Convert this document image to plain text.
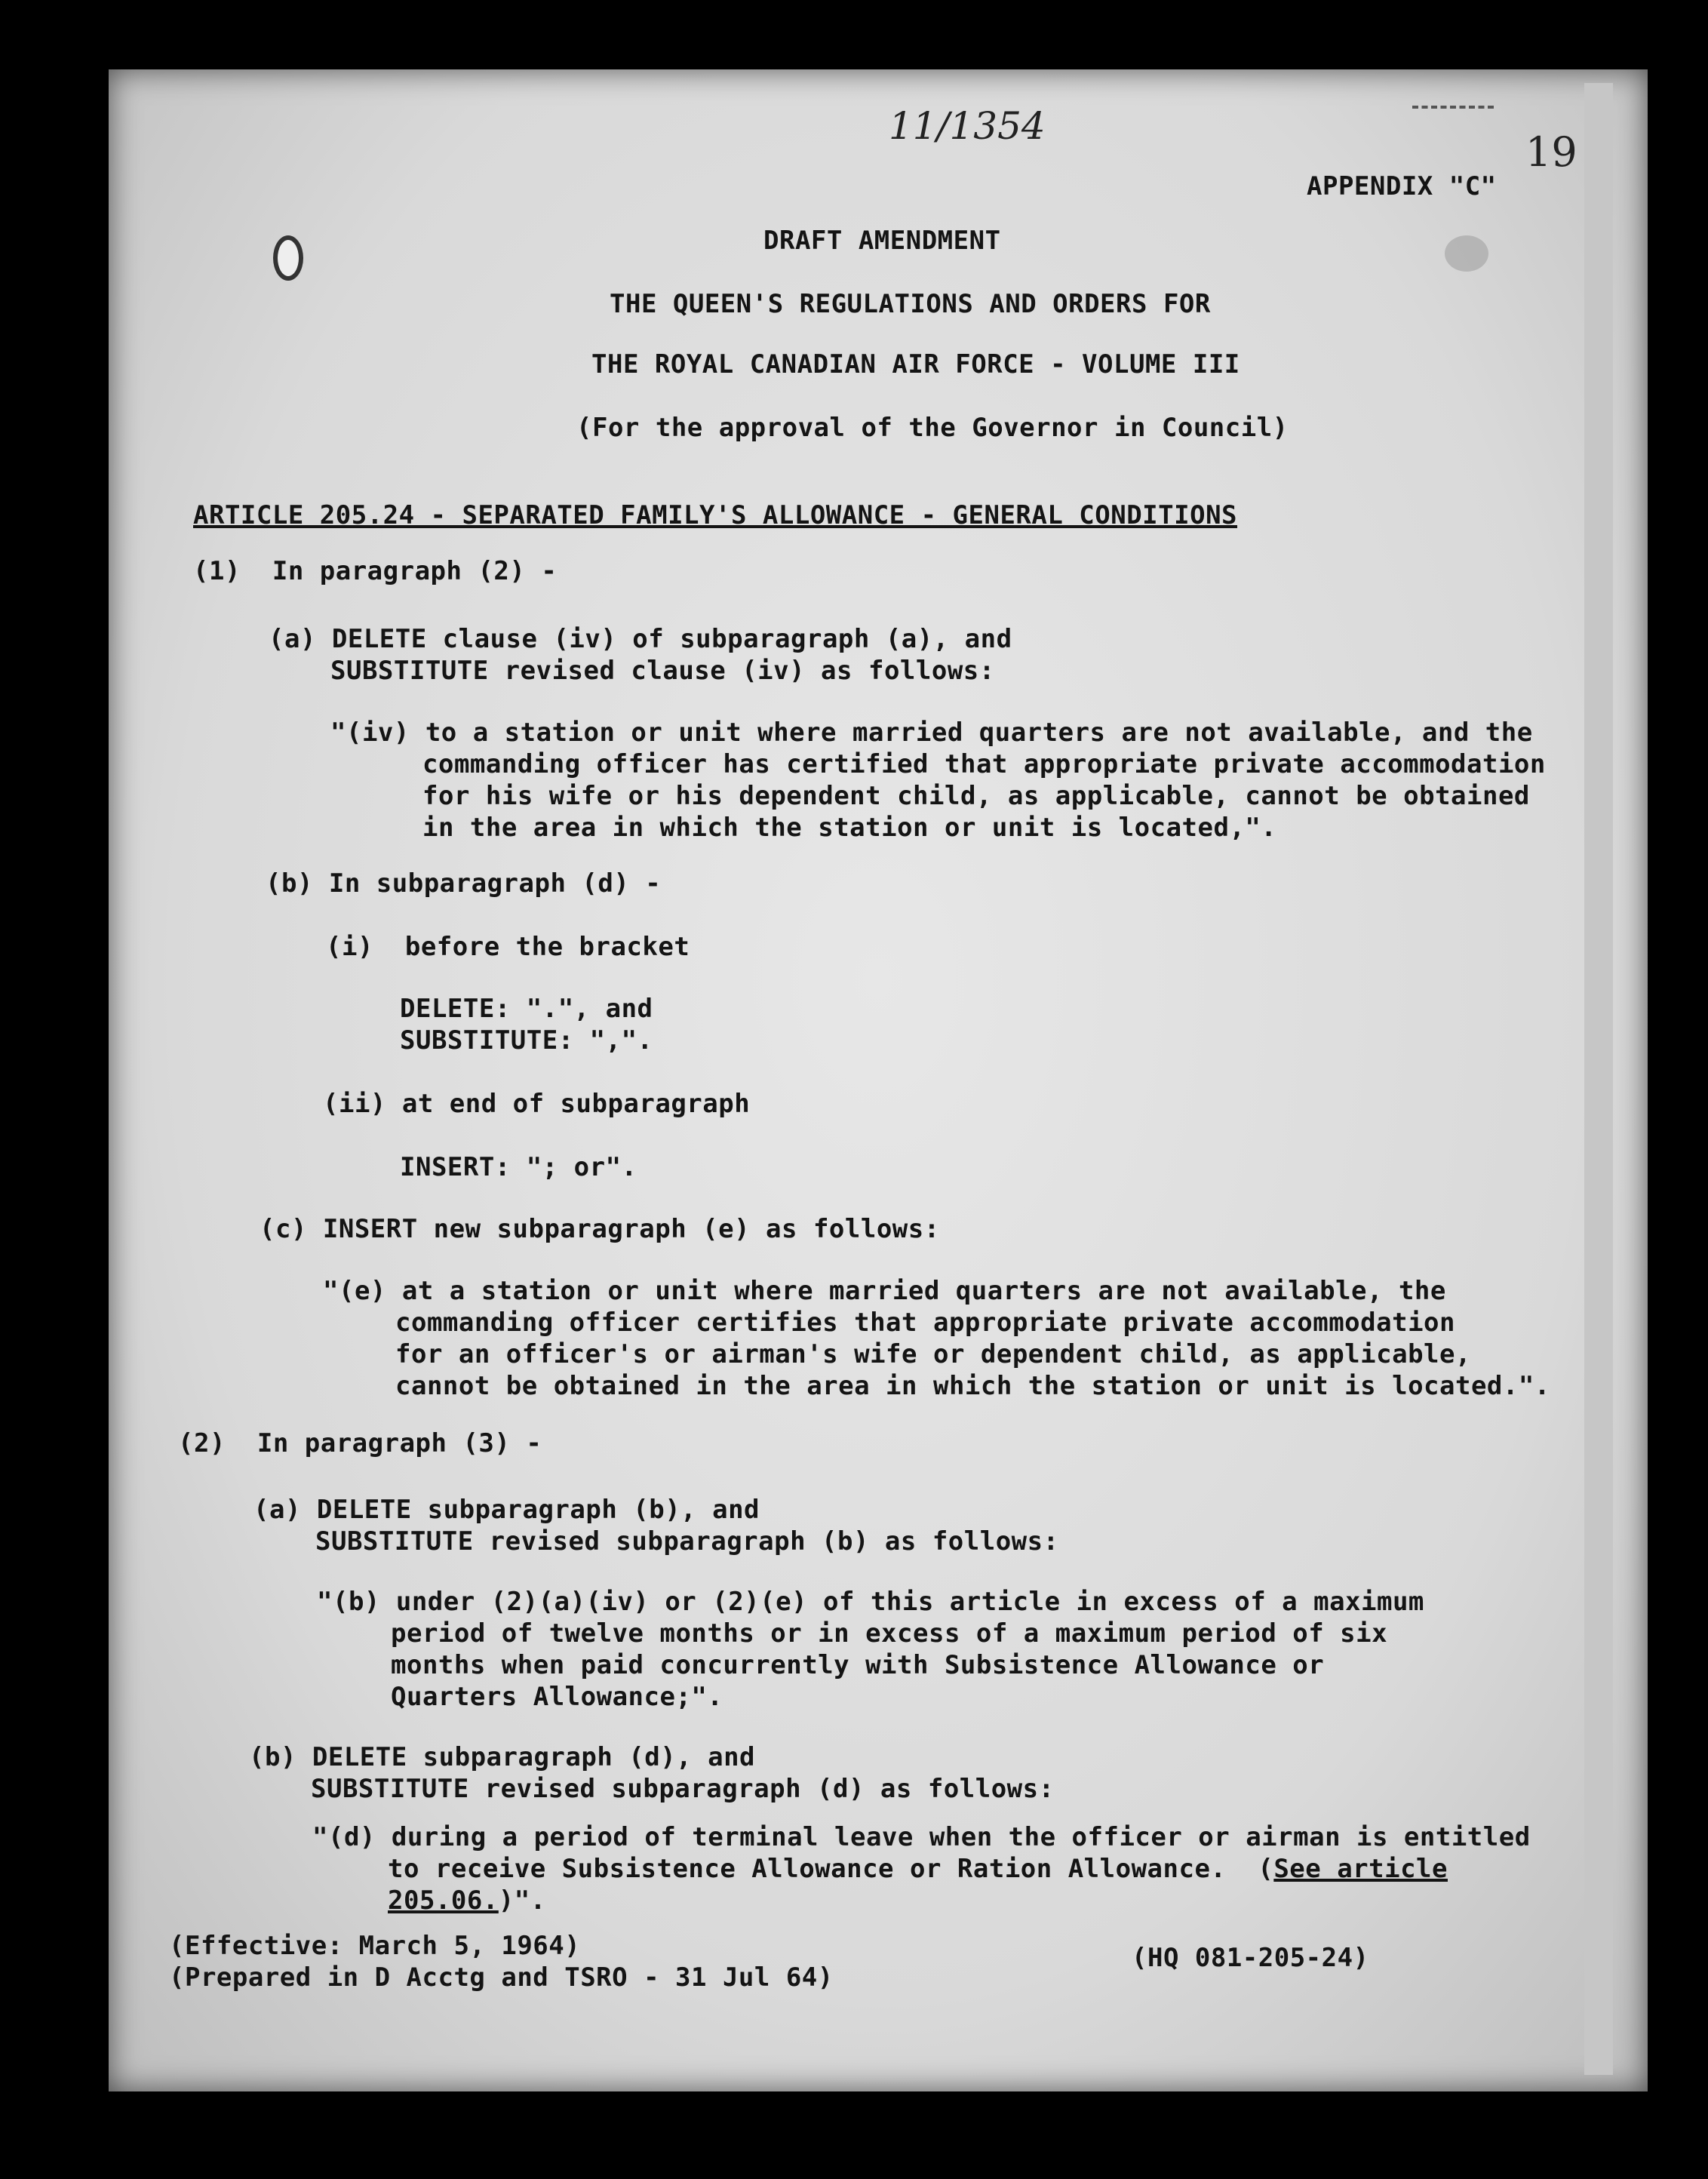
11/1354
19
APPENDIX "C"
DRAFT AMENDMENT
THE QUEEN'S REGULATIONS AND ORDERS FOR
THE ROYAL CANADIAN AIR FORCE - VOLUME III
(For the approval of the Governor in Council)
ARTICLE 205.24 - SEPARATED FAMILY'S ALLOWANCE - GENERAL CONDITIONS
(1)  In paragraph (2) -
(a) DELETE clause (iv) of subparagraph (a), and
SUBSTITUTE revised clause (iv) as follows:
"(iv) to a station or unit where married quarters are not available, and the
commanding officer has certified that appropriate private accommodation
for his wife or his dependent child, as applicable, cannot be obtained
in the area in which the station or unit is located,".
(b) In subparagraph (d) -
(i)  before the bracket
DELETE: ".", and
SUBSTITUTE: ",".
(ii) at end of subparagraph
INSERT: "; or".
(c) INSERT new subparagraph (e) as follows:
"(e) at a station or unit where married quarters are not available, the
commanding officer certifies that appropriate private accommodation
for an officer's or airman's wife or dependent child, as applicable,
cannot be obtained in the area in which the station or unit is located.".
(2)  In paragraph (3) -
(a) DELETE subparagraph (b), and
SUBSTITUTE revised subparagraph (b) as follows:
"(b) under (2)(a)(iv) or (2)(e) of this article in excess of a maximum
period of twelve months or in excess of a maximum period of six
months when paid concurrently with Subsistence Allowance or
Quarters Allowance;".
(b) DELETE subparagraph (d), and
SUBSTITUTE revised subparagraph (d) as follows:
"(d) during a period of terminal leave when the officer or airman is entitled
to receive Subsistence Allowance or Ration Allowance.  (See article
205.06.)".
(Effective: March 5, 1964)
(Prepared in D Acctg and TSRO - 31 Jul 64)
(HQ 081-205-24)
